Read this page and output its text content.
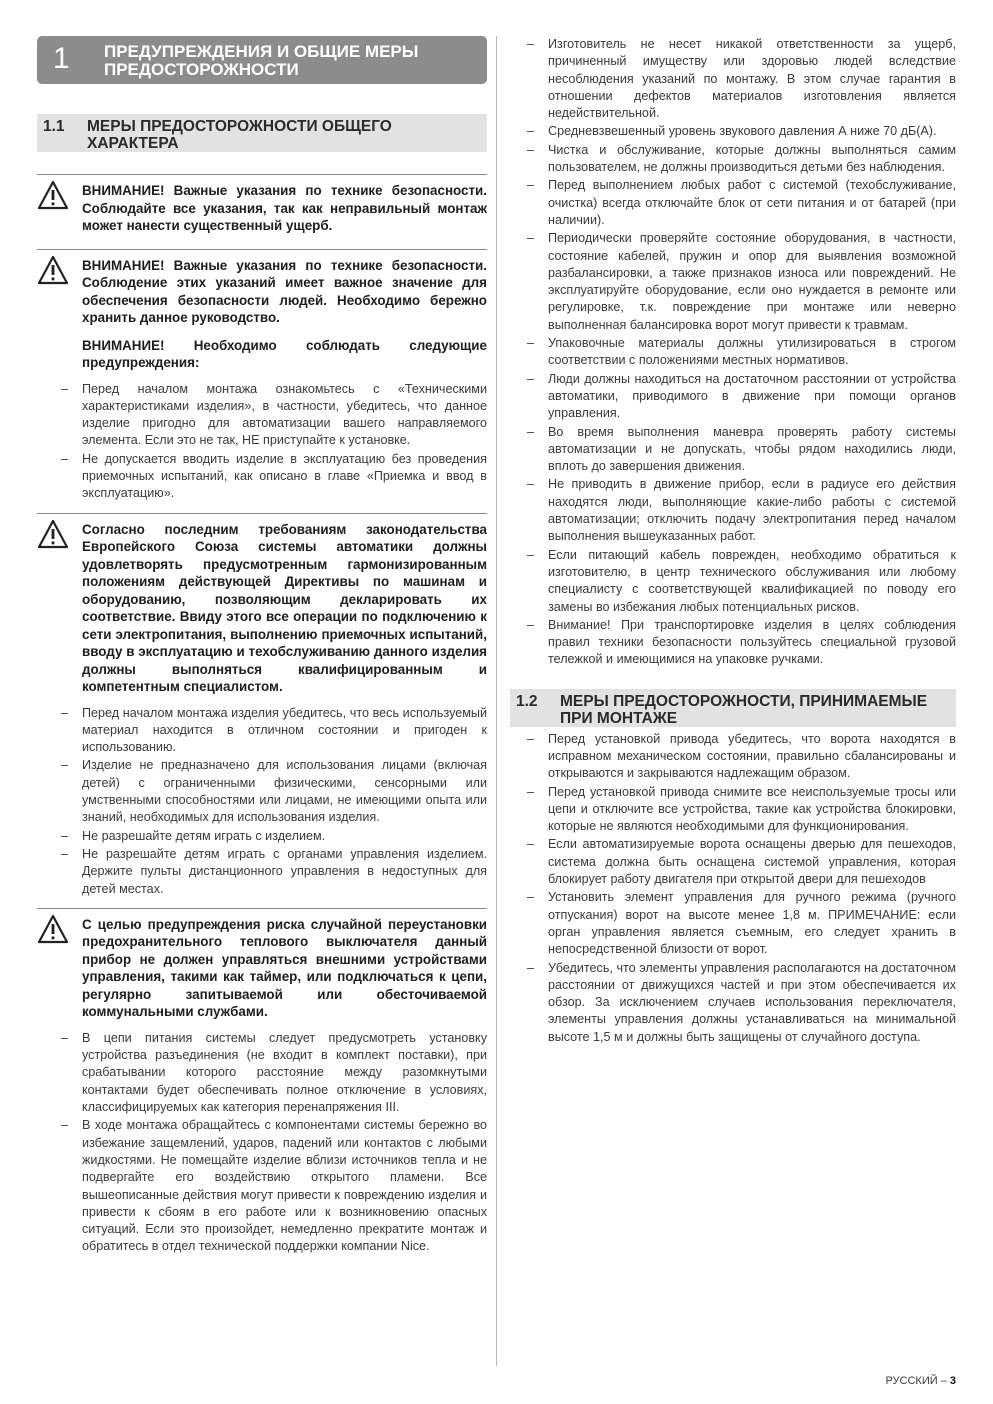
1 ПРЕДУПРЕЖДЕНИЯ И ОБЩИЕ МЕРЫ ПРЕДОСТОРОЖНОСТИ
1.1 МЕРЫ ПРЕДОСТОРОЖНОСТИ ОБЩЕГО ХАРАКТЕРА

ВНИМАНИЕ! Важные указания по технике безопасности. Соблюдайте все указания, так как неправильный монтаж может нанести существенный ущерб.

ВНИМАНИЕ! Важные указания по технике безопасности. Соблюдение этих указаний имеет важное значение для обеспечения безопасности людей. Необходимо бережно хранить данное руководство.

ВНИМАНИЕ! Необходимо соблюдать следующие предупреждения:

– Перед началом монтажа ознакомьтесь с «Техническими характеристиками изделия», в частности, убедитесь, что данное изделие пригодно для автоматизации вашего направляемого элемента. Если это не так, НЕ приступайте к установке.
– Не допускается вводить изделие в эксплуатацию без проведения приемочных испытаний, как описано в главе «Приемка и ввод в эксплуатацию».

Согласно последним требованиям законодательства Европейского Союза системы автоматики должны удовлетворять предусмотренным гармонизированным положениям действующей Директивы по машинам и оборудованию, позволяющим декларировать их соответствие. Ввиду этого все операции по подключению к сети электропитания, выполнению приемочных испытаний, вводу в эксплуатацию и техобслуживанию данного изделия должны выполняться квалифицированным и компетентным специалистом.

– Перед началом монтажа изделия убедитесь, что весь используемый материал находится в отличном состоянии и пригоден к использованию.
– Изделие не предназначено для использования лицами (включая детей) с ограниченными физическими, сенсорными или умственными способностями или лицами, не имеющими опыта или знаний, необходимых для использования изделия.
– Не разрешайте детям играть с изделием.
– Не разрешайте детям играть с органами управления изделием. Держите пульты дистанционного управления в недоступных для детей местах.

С целью предупреждения риска случайной переустановки предохранительного теплового выключателя данный прибор не должен управляться внешними устройствами управления, такими как таймер, или подключаться к цепи, регулярно запитываемой или обесточиваемой коммунальными службами.

– В цепи питания системы следует предусмотреть установку устройства разъединения (не входит в комплект поставки), при срабатывании которого расстояние между разомкнутыми контактами будет обеспечивать полное отключение в условиях, классифицируемых как категория перенапряжения III.
– В ходе монтажа обращайтесь с компонентами системы бережно во избежание защемлений, ударов, падений или контактов с любыми жидкостями. Не помещайте изделие вблизи источников тепла и не подвергайте его воздействию открытого пламени. Все вышеописанные действия могут привести к повреждению изделия и привести к сбоям в его работе или к возникновению опасных ситуаций. Если это произойдет, немедленно прекратите монтаж и обратитесь в отдел технической поддержки компании Nice.
– Изготовитель не несет никакой ответственности за ущерб, причиненный имуществу или здоровью людей вследствие несоблюдения указаний по монтажу. В этом случае гарантия в отношении дефектов материалов изготовления является недействительной.
– Средневзвешенный уровень звукового давления А ниже 70 дБ(А).
– Чистка и обслуживание, которые должны выполняться самим пользователем, не должны производиться детьми без наблюдения.
– Перед выполнением любых работ с системой (техобслуживание, очистка) всегда отключайте блок от сети питания и от батарей (при наличии).
– Периодически проверяйте состояние оборудования, в частности, состояние кабелей, пружин и опор для выявления возможной разбалансировки, а также признаков износа или повреждений. Не эксплуатируйте оборудование, если оно нуждается в ремонте или регулировке, т.к. повреждение при монтаже или неверно выполненная балансировка ворот могут привести к травмам.
– Упаковочные материалы должны утилизироваться в строгом соответствии с положениями местных нормативов.
– Люди должны находиться на достаточном расстоянии от устройства автоматики, приводимого в движение при помощи органов управления.
– Во время выполнения маневра проверять работу системы автоматизации и не допускать, чтобы рядом находились люди, вплоть до завершения движения.
– Не приводить в движение прибор, если в радиусе его действия находятся люди, выполняющие какие-либо работы с системой автоматизации; отключить подачу электропитания перед началом выполнения вышеуказанных работ.
– Если питающий кабель поврежден, необходимо обратиться к изготовителю, в центр технического обслуживания или любому специалисту с соответствующей квалификацией по поводу его замены во избежания любых потенциальных рисков.
– Внимание! При транспортировке изделия в целях соблюдения правил техники безопасности пользуйтесь специальной грузовой тележкой и имеющимися на упаковке ручками.
1.2 МЕРЫ ПРЕДОСТОРОЖНОСТИ, ПРИНИМАЕМЫЕ ПРИ МОНТАЖЕ
– Перед установкой привода убедитесь, что ворота находятся в исправном механическом состоянии, правильно сбалансированы и открываются и закрываются надлежащим образом.
– Перед установкой привода снимите все неиспользуемые тросы или цепи и отключите все устройства, такие как устройства блокировки, которые не являются необходимыми для функционирования.
– Если автоматизируемые ворота оснащены дверью для пешеходов, система должна быть оснащена системой управления, которая блокирует работу двигателя при открытой двери для пешеходов
– Установить элемент управления для ручного режима (ручного отпускания) ворот на высоте менее 1,8 м. ПРИМЕЧАНИЕ: если орган управления является съемным, его следует хранить в непосредственной близости от ворот.
– Убедитесь, что элементы управления располагаются на достаточном расстоянии от движущихся частей и при этом обеспечивается их обзор. За исключением случаев использования переключателя, элементы управления должны устанавливаться на минимальной высоте 1,5 м и должны быть защищены от случайного доступа.
РУССКИЙ – 3
